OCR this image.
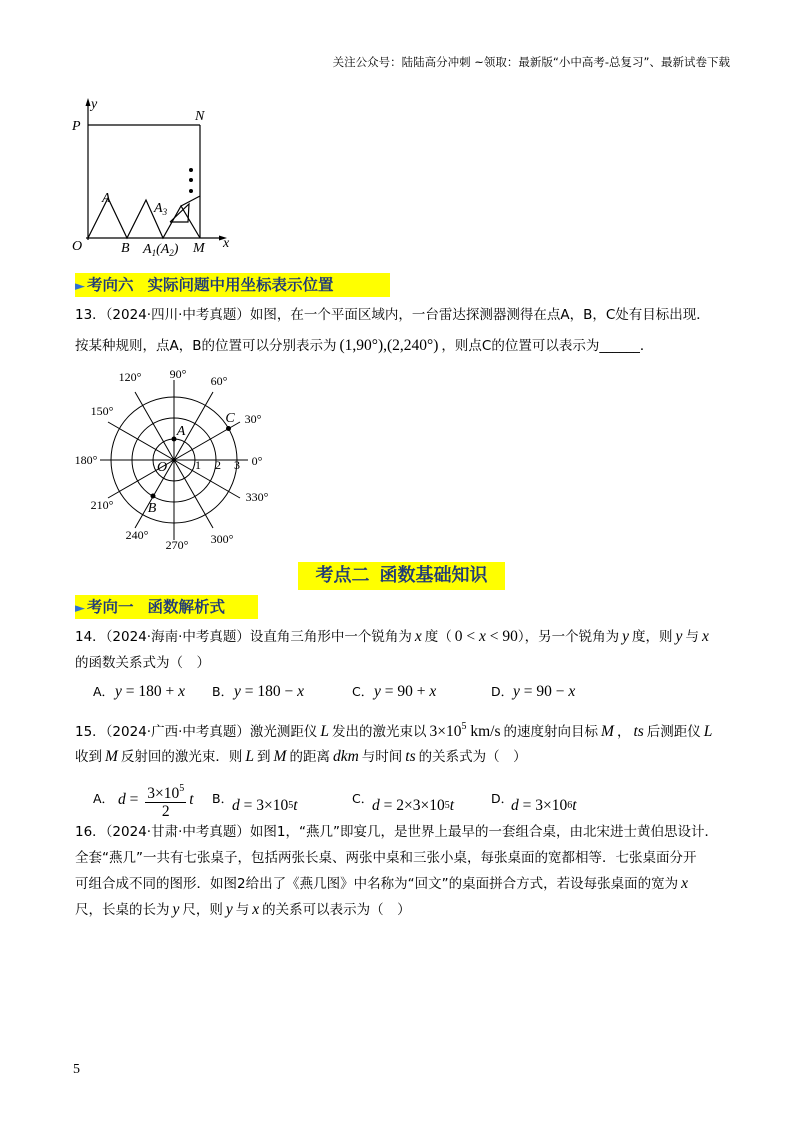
关注公众号：陆陆高分冲刺 ~领取：最新版“小中高考-总复习”、最新试卷下载
y
P
N
O
A
B
$A_3$
$A_1(A_2)$ M x
► 考向六 实际问题中用坐标表示位置
13．（2024·四川·中考真题）如图，在一个平面区域内，一台雷达探测器测得在点A，B，C处有目标出现．
按某种规则，点A，B的位置可以分别表示为 (1,90°),(2,240°) ，则点C的位置可以表示为______．
90° 60°
30°
0°
330°
300°
270°
240°
210°
180°
150°
120°
1 2 3
O
A
B
C
考点二 函数基础知识
► 考向一 函数解析式
14．（2024·海南·中考真题）设直角三角形中一个锐角为 x 度（ 0 < x < 90），另一个锐角为 y 度，则 y 与 x
的函数关系式为（　）
A． y = 180 + x B． y = 180 − x	C． y = 90 + x	D． y = 90 − x
15．（2024·广西·中考真题）激光测距仪 L 发出的激光束以 $3\times 10^5$ km/s 的速度射向目标 M ， ts 后测距仪 L
收到 M 反射回的激光束．则 L 到 M 的距离 dkm 与时间 ts 的关系式为（　）
A． $d = \frac{3\times 10^5}{2}$ t B．
d = 3×10 5 t	C．
d = 2×3×10 5 t	D．
d = 3×10 6 t
16．（2024·甘肃·中考真题）如图1，“燕几”即宴几，是世界上最早的一套组合桌，由北宋进士黄伯思设计．
全套“燕几”一共有七张桌子，包括两张长桌、两张中桌和三张小桌，每张桌面的宽都相等．七张桌面分开
可组合成不同的图形．如图2给出了《燕几图》中名称为“回文”的桌面拼合方式，若设每张桌面的宽为 x
尺，长桌的长为 y 尺，则 y 与 x 的关系可以表示为（　）
5
